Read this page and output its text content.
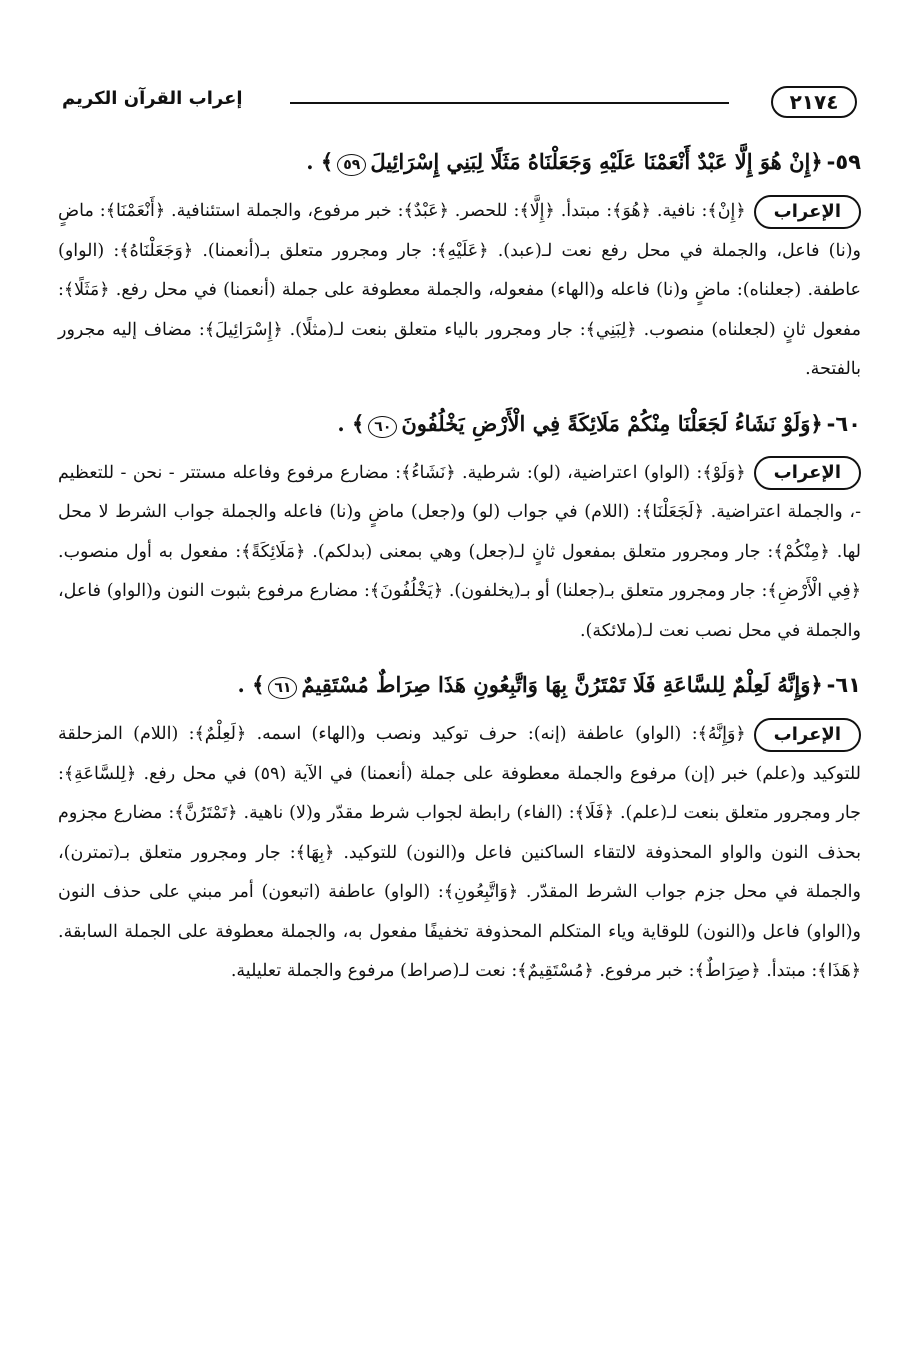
٢١٧٤
إعراب القرآن الكريم

٥٩-﴿إِنْ هُوَ إِلَّا عَبْدٌ أَنْعَمْنَا عَلَيْهِ وَجَعَلْنَاهُ مَثَلًا لِبَنِي إِسْرَائِيلَ٥٩﴾ .

الإعراب﴿إِنْ﴾: نافية. ﴿هُوَ﴾: مبتدأ. ﴿إِلَّا﴾: للحصر. ﴿عَبْدٌ﴾: خبر مرفوع، والجملة استئنافية. ﴿أَنْعَمْنَا﴾: ماضٍ و(نا) فاعل، والجملة في محل رفع نعت لـ(عبد). ﴿عَلَيْهِ﴾: جار ومجرور متعلق بـ(أنعمنا). ﴿وَجَعَلْنَاهُ﴾: (الواو) عاطفة. (جعلناه): ماضٍ و(نا) فاعله و(الهاء) مفعوله، والجملة معطوفة على جملة (أنعمنا) في محل رفع. ﴿مَثَلًا﴾: مفعول ثانٍ (لجعلناه) منصوب. ﴿لِبَنِي﴾: جار ومجرور بالياء متعلق بنعت لـ(مثلًا). ﴿إِسْرَائِيلَ﴾: مضاف إليه مجرور بالفتحة.

٦٠-﴿وَلَوْ نَشَاءُ لَجَعَلْنَا مِنْكُمْ مَلَائِكَةً فِي الْأَرْضِ يَخْلُفُونَ٦٠﴾ .

الإعراب﴿وَلَوْ﴾: (الواو) اعتراضية، (لو): شرطية. ﴿نَشَاءُ﴾: مضارع مرفوع وفاعله مستتر - نحن - للتعظيم -، والجملة اعتراضية. ﴿لَجَعَلْنَا﴾: (اللام) في جواب (لو) و(جعل) ماضٍ و(نا) فاعله والجملة جواب الشرط لا محل لها. ﴿مِنْكُمْ﴾: جار ومجرور متعلق بمفعول ثانٍ لـ(جعل) وهي بمعنى (بدلكم). ﴿مَلَائِكَةً﴾: مفعول به أول منصوب. ﴿فِي الْأَرْضِ﴾: جار ومجرور متعلق بـ(جعلنا) أو بـ(يخلفون). ﴿يَخْلُفُونَ﴾: مضارع مرفوع بثبوت النون و(الواو) فاعل، والجملة في محل نصب نعت لـ(ملائكة).

٦١-﴿وَإِنَّهُ لَعِلْمٌ لِلسَّاعَةِ فَلَا تَمْتَرُنَّ بِهَا وَاتَّبِعُونِ هَذَا صِرَاطٌ مُسْتَقِيمٌ٦١﴾ .

الإعراب﴿وَإِنَّهُ﴾: (الواو) عاطفة (إنه): حرف توكيد ونصب و(الهاء) اسمه. ﴿لَعِلْمٌ﴾: (اللام) المزحلقة للتوكيد و(علم) خبر (إن) مرفوع والجملة معطوفة على جملة (أنعمنا) في الآية (٥٩) في محل رفع. ﴿لِلسَّاعَةِ﴾: جار ومجرور متعلق بنعت لـ(علم). ﴿فَلَا﴾: (الفاء) رابطة لجواب شرط مقدّر و(لا) ناهية. ﴿تَمْتَرُنَّ﴾: مضارع مجزوم بحذف النون والواو المحذوفة لالتقاء الساكنين فاعل و(النون) للتوكيد. ﴿بِهَا﴾: جار ومجرور متعلق بـ(تمترن)، والجملة في محل جزم جواب الشرط المقدّر. ﴿وَاتَّبِعُونِ﴾: (الواو) عاطفة (اتبعون) أمر مبني على حذف النون و(الواو) فاعل و(النون) للوقاية وياء المتكلم المحذوفة تخفيفًا مفعول به، والجملة معطوفة على الجملة السابقة. ﴿هَذَا﴾: مبتدأ. ﴿صِرَاطٌ﴾: خبر مرفوع. ﴿مُسْتَقِيمٌ﴾: نعت لـ(صراط) مرفوع والجملة تعليلية.
